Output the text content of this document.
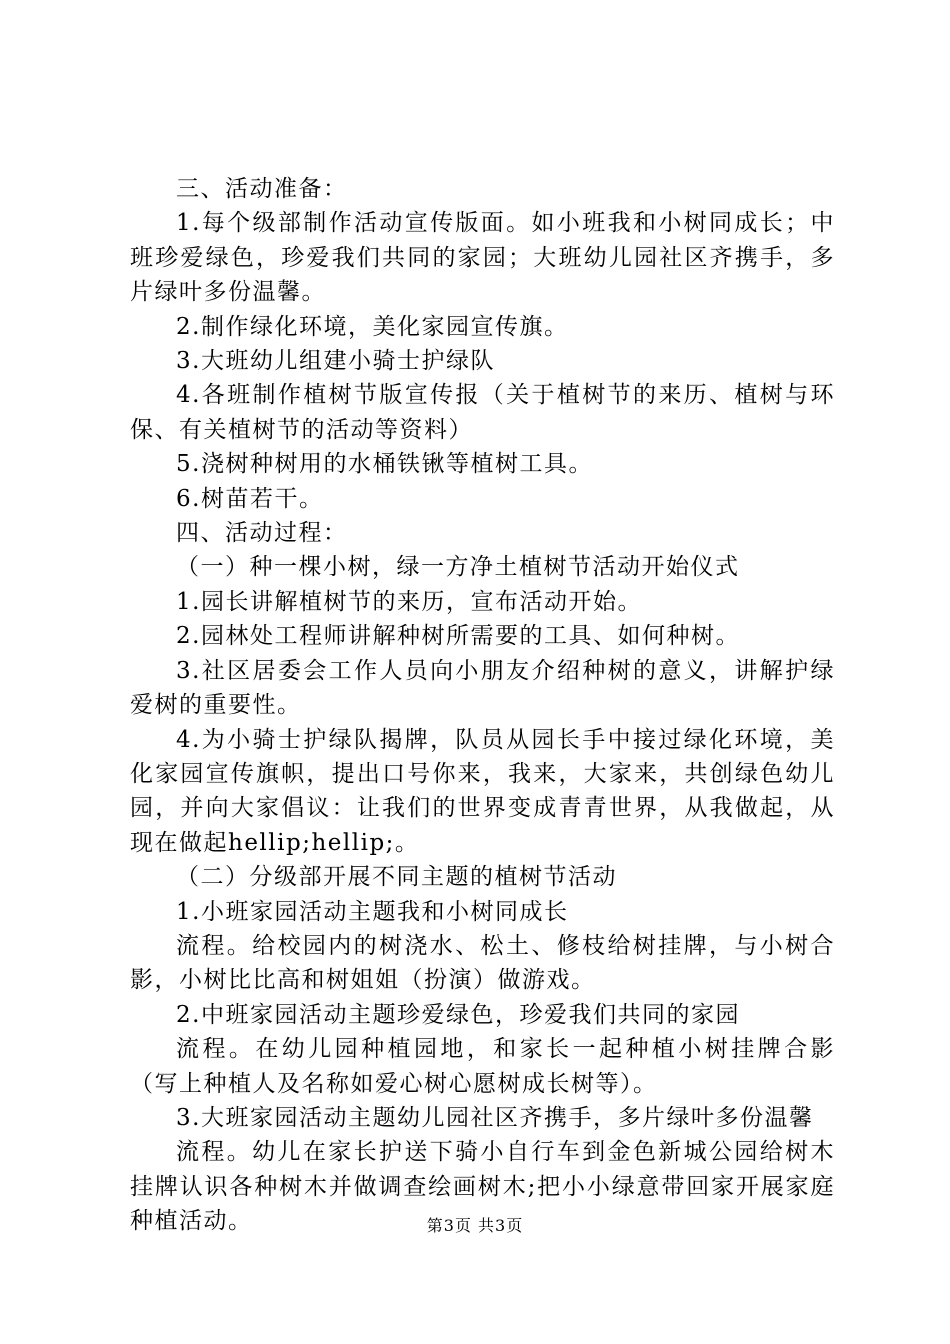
三、活动准备：

1.每个级部制作活动宣传版面。如小班我和小树同成长；中班珍爱绿色，珍爱我们共同的家园；大班幼儿园社区齐携手，多片绿叶多份温馨。

2.制作绿化环境，美化家园宣传旗。

3.大班幼儿组建小骑士护绿队

4.各班制作植树节版宣传报（关于植树节的来历、植树与环保、有关植树节的活动等资料）

5.浇树种树用的水桶铁锹等植树工具。

6.树苗若干。

四、活动过程：

（一）种一棵小树，绿一方净土植树节活动开始仪式

1.园长讲解植树节的来历，宣布活动开始。

2.园林处工程师讲解种树所需要的工具、如何种树。

3.社区居委会工作人员向小朋友介绍种树的意义，讲解护绿爱树的重要性。

4.为小骑士护绿队揭牌，队员从园长手中接过绿化环境，美化家园宣传旗帜，提出口号你来，我来，大家来，共创绿色幼儿园，并向大家倡议：让我们的世界变成青青世界，从我做起，从现在做起hellip;hellip;。

（二）分级部开展不同主题的植树节活动

1.小班家园活动主题我和小树同成长

流程。给校园内的树浇水、松土、修枝给树挂牌，与小树合影，小树比比高和树姐姐（扮演）做游戏。

2.中班家园活动主题珍爱绿色，珍爱我们共同的家园

流程。在幼儿园种植园地，和家长一起种植小树挂牌合影（写上种植人及名称如爱心树心愿树成长树等）。

3.大班家园活动主题幼儿园社区齐携手，多片绿叶多份温馨

流程。幼儿在家长护送下骑小自行车到金色新城公园给树木挂牌认识各种树木并做调查绘画树木;把小小绿意带回家开展家庭种植活动。	第3页 共3页
